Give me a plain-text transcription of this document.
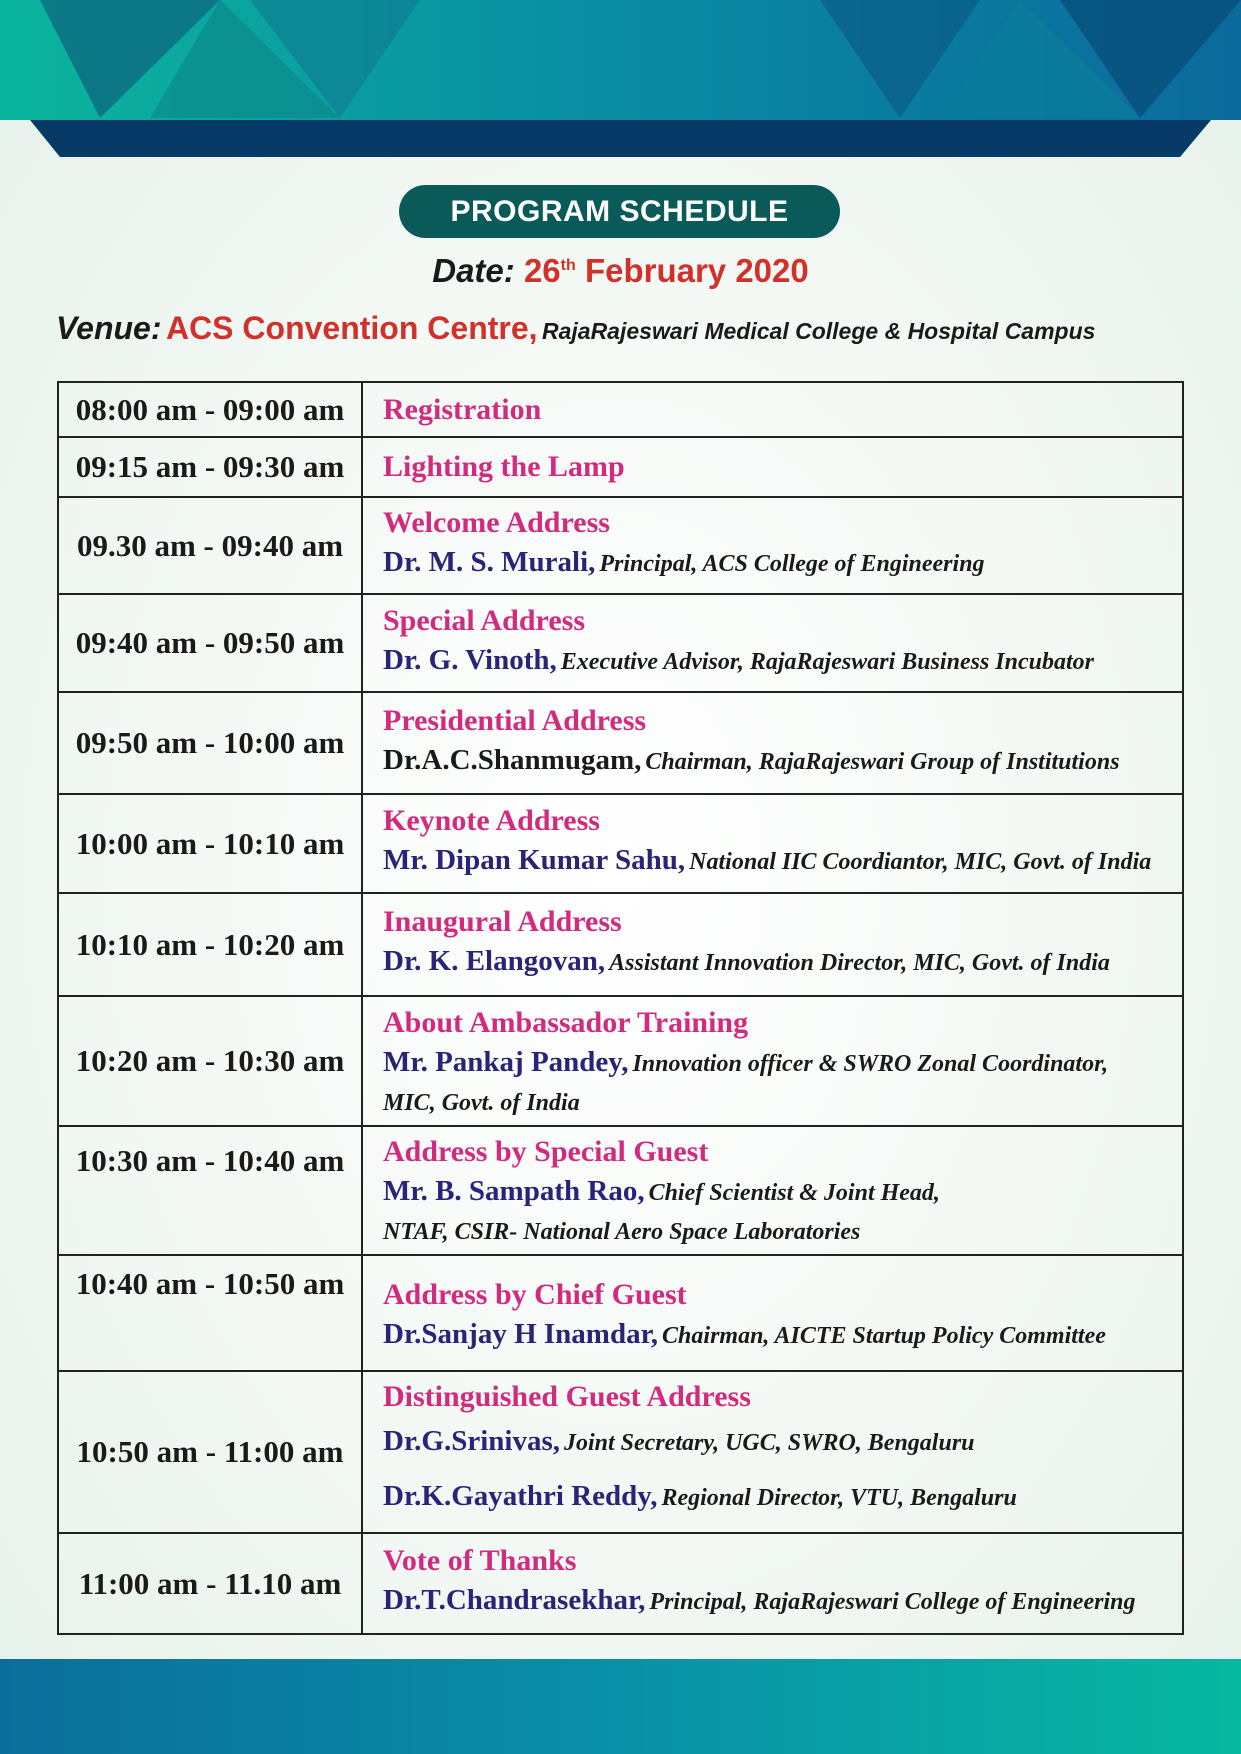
PROGRAM SCHEDULE
Date: 26th February 2020
Venue: ACS Convention Centre, RajaRajeswari Medical College & Hospital Campus
08:00 am - 09:00 am	Registration

09:15 am - 09:30 am	Lighting the Lamp

09.30 am - 09:40 am	Welcome Address
Dr. M. S. Murali, Principal, ACS College of Engineering

09:40 am - 09:50 am	Special Address
Dr. G. Vinoth, Executive Advisor, RajaRajeswari Business Incubator

09:50 am - 10:00 am	Presidential Address
Dr.A.C.Shanmugam, Chairman, RajaRajeswari Group of Institutions

10:00 am - 10:10 am	Keynote Address
Mr. Dipan Kumar Sahu, National IIC Coordiantor, MIC, Govt. of India

10:10 am - 10:20 am	Inaugural Address
Dr. K. Elangovan, Assistant Innovation Director, MIC, Govt. of India

10:20 am - 10:30 am	About Ambassador Training
Mr. Pankaj Pandey, Innovation officer & SWRO Zonal Coordinator,
MIC, Govt. of India

10:30 am - 10:40 am	Address by Special Guest
Mr. B. Sampath Rao, Chief Scientist & Joint Head,
NTAF, CSIR- National Aero Space Laboratories

10:40 am - 10:50 am	Address by Chief Guest
Dr.Sanjay H Inamdar, Chairman, AICTE Startup Policy Committee

10:50 am - 11:00 am	Distinguished Guest Address
Dr.G.Srinivas, Joint Secretary, UGC, SWRO, Bengaluru
Dr.K.Gayathri Reddy, Regional Director, VTU, Bengaluru

11:00 am - 11.10 am	Vote of Thanks
Dr.T.Chandrasekhar, Principal, RajaRajeswari College of Engineering
